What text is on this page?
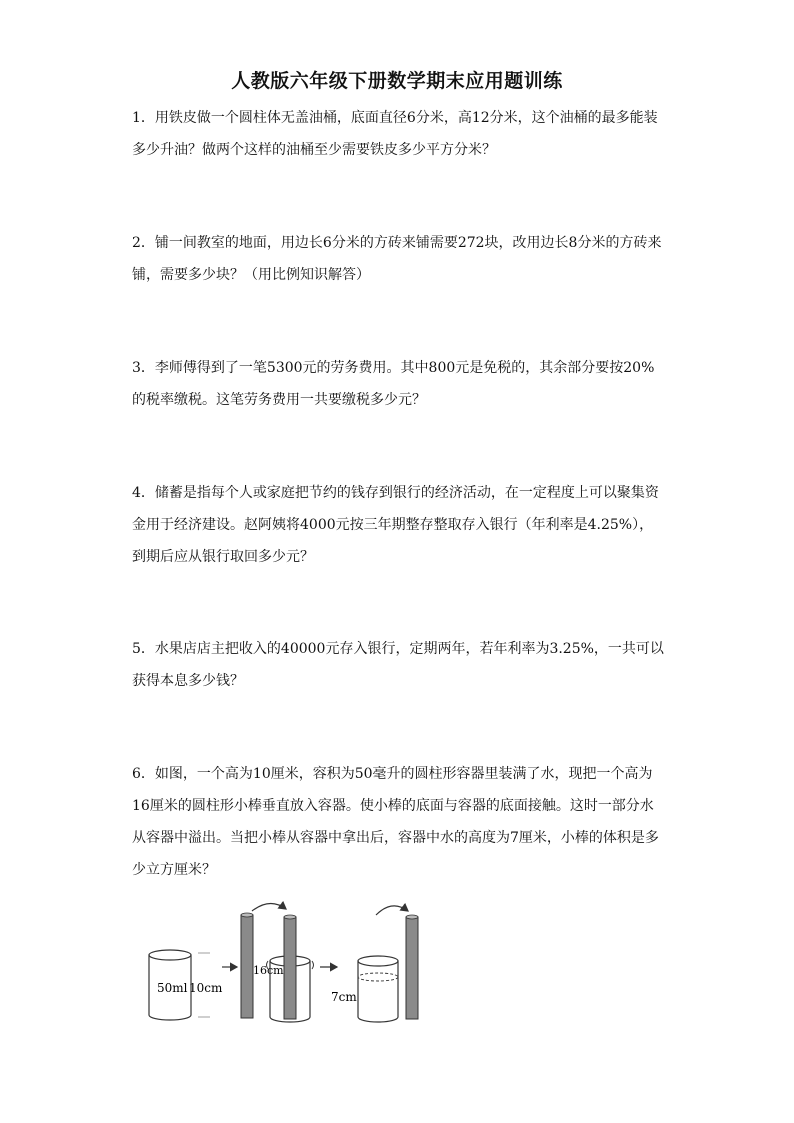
人教版六年级下册数学期末应用题训练

1．用铁皮做一个圆柱体无盖油桶，底面直径6分米，高12分米，这个油桶的最多能装多少升油？做两个这样的油桶至少需要铁皮多少平方分米？

2．铺一间教室的地面，用边长6分米的方砖来铺需要272块，改用边长8分米的方砖来铺，需要多少块？（用比例知识解答）

3．李师傅得到了一笔5300元的劳务费用。其中800元是免税的，其余部分要按20%的税率缴税。这笔劳务费用一共要缴税多少元？

4．储蓄是指每个人或家庭把节约的钱存到银行的经济活动，在一定程度上可以聚集资金用于经济建设。赵阿姨将4000元按三年期整存整取存入银行（年利率是4.25%），到期后应从银行取回多少元？

5．水果店店主把收入的40000元存入银行，定期两年，若年利率为3.25%，一共可以获得本息多少钱？

6．如图，一个高为10厘米，容积为50毫升的圆柱形容器里装满了水，现把一个高为16厘米的圆柱形小棒垂直放入容器。使小棒的底面与容器的底面接触。这时一部分水从容器中溢出。当把小棒从容器中拿出后，容器中水的高度为7厘米，小棒的体积是多少立方厘米？

50ml 10cm
16cm
7cm
